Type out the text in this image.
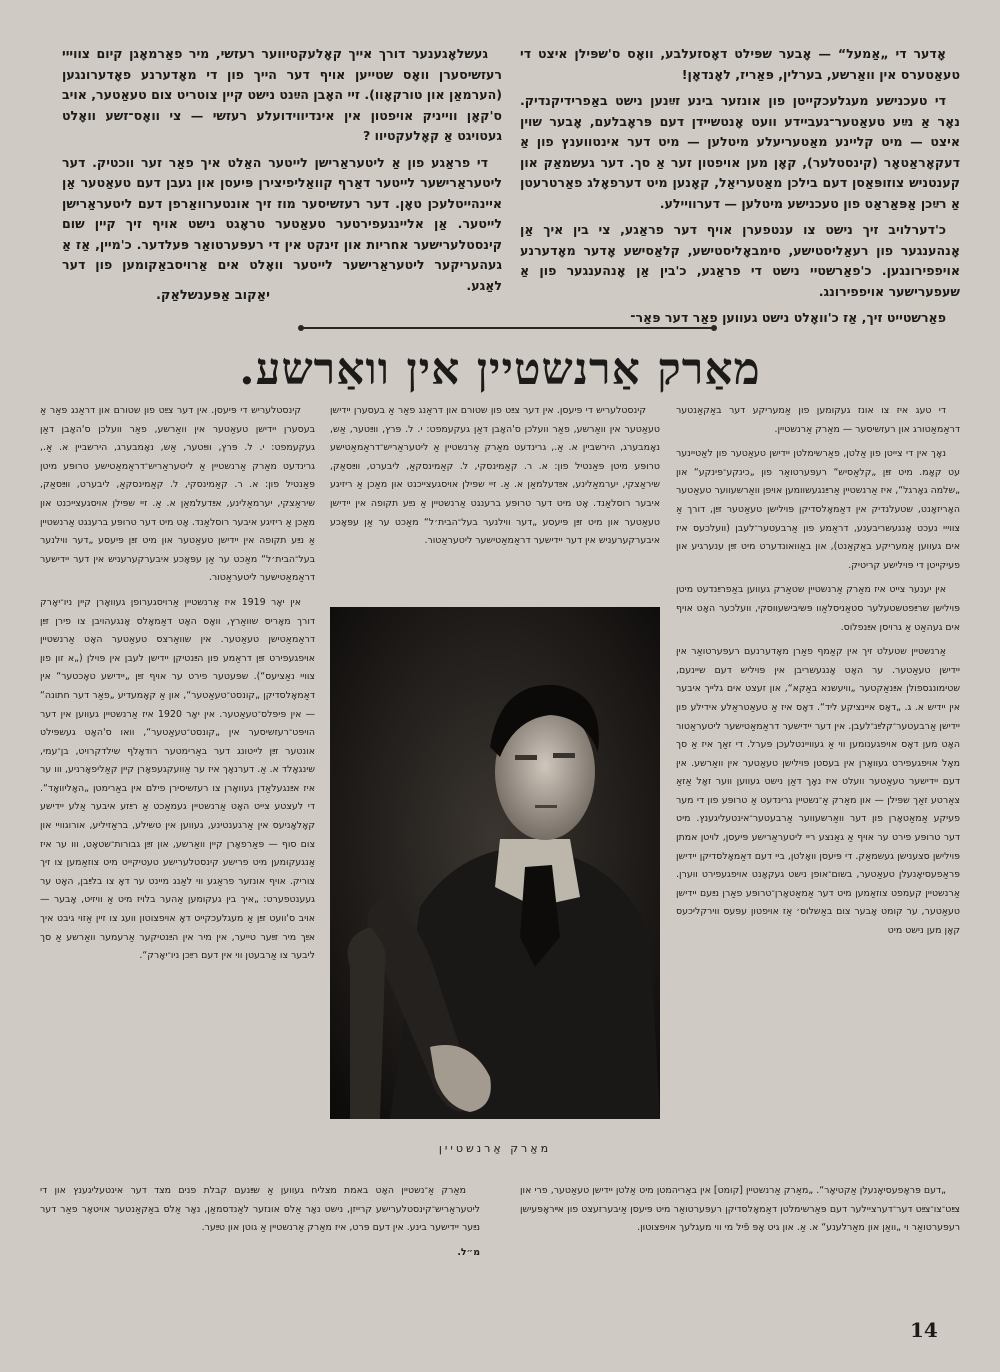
אָדער די „אַמעל“ — אָבער שפּילט דאָסזעלבע, וואָס ס'שפּילן איצט די טעאַטערס אין וואַרשע, בערלין, פּאַריז, לאָנדאָן!

די טעכנישע מעגלעכקייטן פון אונזער בינע זײַנען נישט באַפרידיקנדיק. נאָר אַ נײַע טעאַטער־געביידע וועט אָנטשיידן דעם פּראָבלעם, אָבער שוין איצט — מיט קליינע מאַטעריעלע מיטלען — מיט דער אינטווענץ פון אַ דעקאָראַטאָר (קינסטלער), קאָן מען אויפטון זער אַ סך. דער געשמאַק און קענטניש צוזופּאַסן דעם בילכן מאַטעריאַל, קאָנען מיט דערפאָלג פאַרטרעטן אַ רײַכן אַפּאַראַט פון טעכנישע מיטלען — דערוויילע.

כ'דערלויב זיך נישט צו ענטפערן אויף דער פראַגע, צי בין איך אַן אָנהענגער פון רעאַליסטישע, סימבאָליסטישע, קלאַסישע אָדער מאָדערנע אויפפירונגען. כ'פאַרשטיי נישט די פראַגע, כ'בין אַן אָנהענגער פון אַ שעפערישער אויפפירונג.

פאַרשטייט זיך, אַז כ'וואָלט נישט געווען פאַר דער פּאַר־

געשלאָגענער דורך אייך קאָלעקטיווער רעזשי, מיר פאַרמאָגן קיום צווייי רעזשיסערן וואָס שטייען אויף דער הייך פון די מאָדערנע פאָדערונגען (הערמאַן און טורקאָוו). זיי האָבן הײַנט נישט קיין צוטריט צום טעאַטער, אויב ס'קאָן ווייניק אויפטון אין אינדיווידועלע רעזשי — צי וואָס־זשע וואָלט געטויגט אַ קאָלעקטיוו ?

די פראַגע פון אַ ליטעראַרישן לייטער האַלט איך פאַר זער ווכטיק. דער ליטעראַרישער לייטער דאַרף קוואַליפיצירן פּיעסן און געבן דעם טעאַטער אַן איינהייטלעכן טאָן. דער רעזשיסער מוז זיך אונטערוואַרפן דעם ליטעראַרישן לייטער. אַן אליינגעפירטער טעאַטער טראָגט נישט אויף זיך קיין שום קינסטלערישער אחריות און זינקט אין די רעפּערטואַר פּעלדער. כ'מיין, אַז אַ געהעריקער ליטעראַרישער לייטער וואָלט אים אַרויסבאַקומען פון דער לאַגע.

יאַקוב אַפּענשלאַק.
מאַרק אַרנשטיין אין וואַרשע.

די טעג איז צו אונז געקומען פון אַמעריקע דער באַקאַנטער דראַמאַטורג און רעזשיסער — מאַרק אַרנשטיין.

נאָך אין די צייטן פון אַלטן, פאַרשימלטן יידישן טעאַטער פון לאַטיינער עט קאָמ. מיט זײַן „קלאַסיש“ רעפּערטואַר פון „כינקע־פּינקע“ און „שלמה גאָרגל“, איז אַרנשטיין אַרײַנגעשוומען אויפן וואַרשעווער טעאַטער האָריזאָנט, שטעלנדיק אין דאַמאָלסדיקן פּוילישן טעאַטער זײַן, דורך אַ צווייי נעכט אָנגעשריבענע, דראַמע פון אַרבעטער־לעבן (וועלכעס איז אים געווען אַמעריקע באַקאַנט), און באַוואונדערט מיט זײַן ענערגיע און פעיקייטן די פּוילישע קריטיק.

אין יענער צייט איז מאַרק אַרנשטיין שטאַרק געווען באַפרײַנדעט מיטן פּוילישן שרײַפטשטעלער סטאַניסלאַוו פּשיבישעווסקי, וועלכער האָט אויף אים געהאַט אַ גרויסן אײַנפלוס.

אַרנשטיין שטעלט זיך אין קאַמף פאַרן מאָדערנעם רעפּערטואַר אין יידישן טעאַטער. ער האָט אָנגעשריבן אין פּויליש דעם שיינעם, שטימונגספולן אײַנאַקטער „וויעשנא באַקא“, און זעצט אים גלייך איבער אין יידיש א. ג. „דאָס איינציקע ליד“. דאָס איז אַ טעאַטראַלע אידילע פון יידישן אַרבעטער־קלײַנ־לעבן. אין דער יידישער דראַמאַטישער ליטעראַטור האָט מען דאָס אויפגענומען ווי אַ געוויינטלעכן פּערל. די זאַך איז אַ סך מאָל אויפגעפירט געוואָרן אין בעסטן פּוילישן טעאַטער אין וואַרשע. אין דעם יידישער טעאַטער וועלט איז נאָך דאַן נישט געווען ווער זאָל אַזאַ צאַרטע זאַך שפּילן — און מאַרק אַ־נשטיין גרינדעט אַ טרופּע פון די מער פעיקע אַמאַטאָרן פון דער וואַרשעווער אַרבעטער־אינטעליגענץ. מיט דער טרופּע פירט ער אויף אַ גאַנצע ריי ליטעראַרישע פּיעסן, לויטן אמתן פּוילישן סצענישן געשמאַק. די פּיעסן וואָלטן, ביי דעם דאַמאָלסדיקן יידישן פּראַפעסיאָנעלן טעאַטער, בשום־אופן נישט געקאָנט אויפגעפירט ווערן. אַרנשטיין קעמפט צוזאַמען מיט דער אַמאַטאָרן־טרופּע פאַרן נײַעם יידישן טעאַטער, ער קומט אָבער צום באַשלוס׳ אַז אויפטון עפּעס ווירקליכעס קאָן מען נישט מיט

קינסטלעריש די פּיעסן. אין דער צײַט פון שטורם און דראַנג פאַר אַ בעסערן יידישן טעאַטער אין וואַרשע, פאַר וועלכן ס'האָבן דאַן געקעמפט: י. ל. פּרץ, ווײַטער, אַש, נאָמבערג, הירשביין א. אַ., גרינדעט מאַרק אַרנשטיין אַ ליטעראַריש־דראַמאַטישע טרופּע מיטן פּאַנטיל פון: א. ר. קאַמינסקי, ל. קאַמינסקאַ, ליבערט, ווײַסאַק, שיראַצקי, יערמאַלינע, אײַדעלמאַן א. אַ. זיי שפּילן אויסגעצייכנט און מאַכן אַ ריזיגע איבער רוסלאַנד. אָט מיט דער טרופּע ברענגט אַרנשטיין אַ נײַע תקופה אין יידישן טעאַטער און מיט זײַן פּיעסע „דער ווילנער בעל־הבית׳ל“ מאַכט ער אַן עפּאָכע איבערקערעניש אין דער יידישער דראַמאַטישער ליטעראַטור.

אין יאָר 1919 איז אַרנשטיין אַרויסגערופן געוואָרן קיין ניו־יאָרק דורך מאָריס שוואַרץ, וואָס האָט דאַמאָלס אָנגעהויבן צו פירן זײַן דראַמאַטישן טעאַטער. אין שוואַרצס טעאַטער האָט אַרנשטיין אויפגעפירט זײַן דראַמע פון הײַנטיקן יידישן לעבן אין פּוילן („א זון פון צוויי נאַציעס“). שפּעטער פירט ער אויף זײַן „יידישע טאָכטער“ אין דאַמאָלסדיקן „קונסט־טעאַטער“, און אַ קאָמעדיע „פאַר דער חתונה“ — אין פּיפּלס־טעאַטער. אין יאָר 1920 איז אַרנשטיין געווען אין דער הויפּט־רעזשיסער אין „קונסט־טעאַטער“, וואו ס'האָט געשפּילט אונטער זײַן לייטונג דער באַרימטער רודאָלף שילדקרויט, בן־עמי, שינגאָלד א. אַ. דערנאָך איז ער אַוועקגעפאָרן קיין קאַליפאָרניע, ווו ער איז אײַנגעלאַדן געוואָרן צו רעזשיסירן פילם אין באַרימטן „האָליוואָד“. די לעצטע צייט האָט אַרנשטיין געמאַכט אַ רײַזע איבער אַלע יידישע קאָלאָניעס אין אַרגענטינע, געווען אין טשילע, בראַזיליע, אורוגוויי און צום סוף — פּאַרפאָרן קיין וואַרשע, און זײַן גבורות־שטאָט, ווו ער איז אַנגעקומען מיט פרישע קינסטלערישע טעטיקייט מיט צוזאַמען צו זיך צוריק. אויף אונזער פראַגע ווי לאַנג מיינט ער דאָ צו בלײַבן, האָט ער געענטפערט: „איך בין געקומען אַהער בלויז מיט אַ וויזיט, אָבער — אויב ס'וועט זײַן אַ מעגלעכקייט דאָ אויפצוטון וועג צו זיין אַזוי גיבט איך אײַך מיר זײַער טייער, אין מיר אין הײַנטיקער אַרעמער וואַרשע אַ סך ליבער צו אַרבעטן ווי אין דעם רײַכן ניו־יאָרק“.

קינסטלעריש די פּיעסן. אין דער צײַט פון שטורם און דראַנג פאַר אַ בעסערן יידישן טעאַטער אין וואַרשע, פאַר וועלכן ס'האָבן דאַן געקעמפט: י. ל. פּרץ, ווײַטער, אַש, נאָמבערג, הירשביין א. אַ., גרינדעט מאַרק אַרנשטיין אַ ליטעראַריש־דראַמאַטישע טרופּע מיטן פּאַנטיל פון: א. ר. קאַמינסקי, ל. קאַמינסקאַ, ליבערט, ווײַסאַק, שיראַצקי, יערמאַלינע, אײַדעלמאַן א. אַ. זיי שפּילן אויסגעצייכנט און מאַכן אַ ריזיגע איבער רוסלאַנד. אָט מיט דער טרופּע ברענגט אַרנשטיין אַ נײַע תקופה אין יידישן טעאַטער און מיט זײַן פּיעסע „דער ווילנער בעל־הבית׳ל“ מאַכט ער אַן עפּאָכע איבערקערעניש אין דער יידישער דראַמאַטישער ליטעראַטור.

מאַרק אַרנשטיין

„דעם פּראָפעסיאָנעלן אַקטיאָר“. „מאַרק אַרנשטיין [קומט] אין באַריהמטן מיט אַלטן יידישן טעאַטער, פרי און צײַט־צו־צײַט דער־דערציילער דעם פּאַרשימלטן דאַמאָלסדיקן רעפּערטואַר מיט פּיעסן אַיבערזעצט פון אײראָפּעישן רעפּערטואַר וי „וואַן און מאַרלענע“ א. אַ. און גיט אָפּ פֿיל מי ווי מעגלעך אויפצוטון.

מאַרק אַ־נשטיין האָט באמת מצליח געווען אַ שײַנעם קבלת פנים מצד דער אינטעליגענץ און די ליטעראַריש־קינסטלערישע קרייזן, נישט נאָר אַלס אונזער לאַנדסמאַן, נאָר אַלס באַקאַנטער אויטאָר פאַר דער נײַער יידישער בינע. אין דעם פּרט, איז מאַרק אַרנשטיין אַ גוטן און טײַער.

מ״ל.

14
